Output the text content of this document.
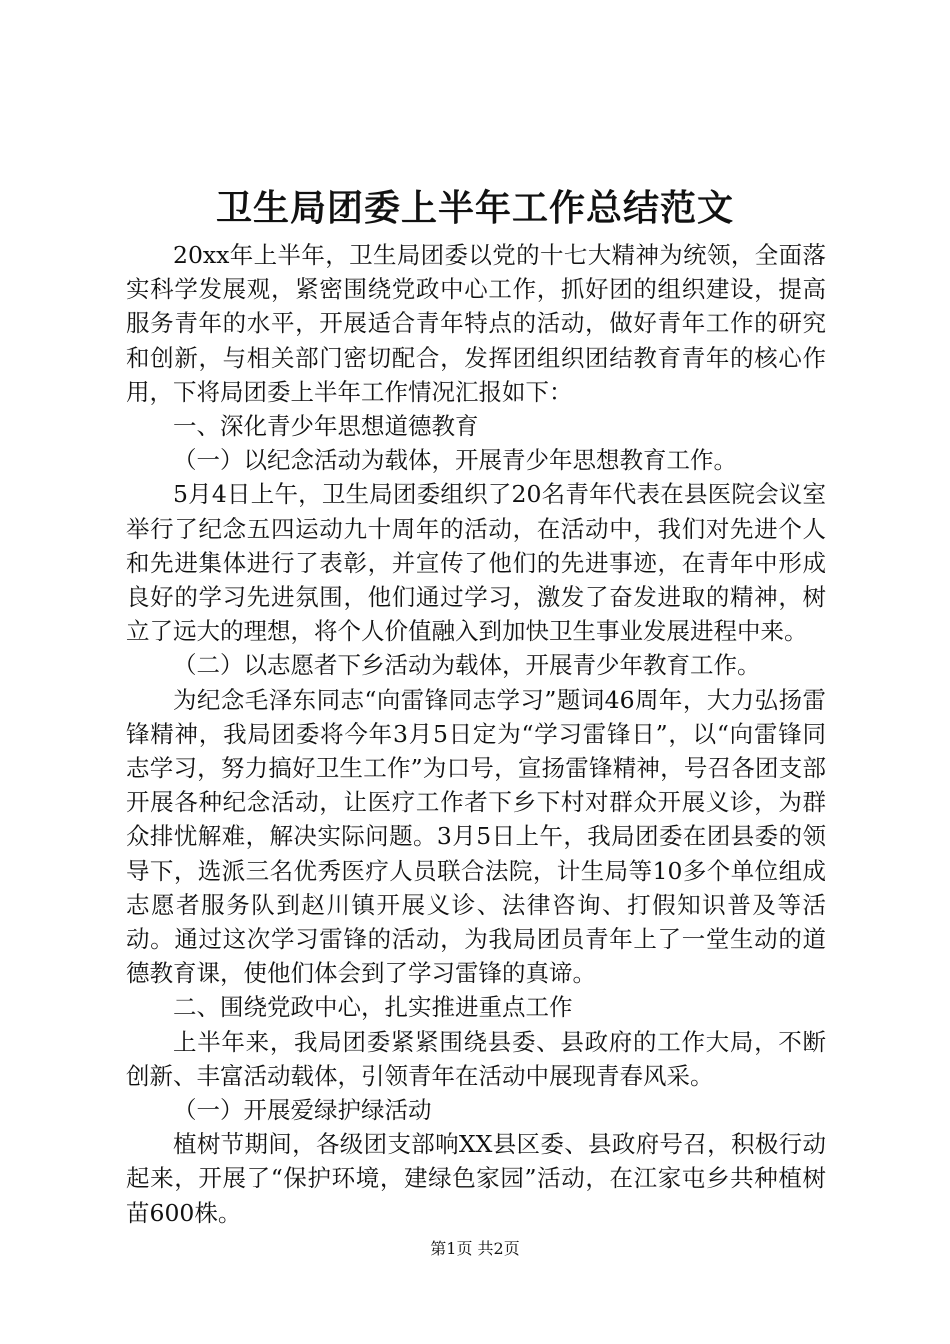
卫生局团委上半年工作总结范文

20xx年上半年，卫生局团委以党的十七大精神为统领，全面落实科学发展观，紧密围绕党政中心工作，抓好团的组织建设，提高服务青年的水平，开展适合青年特点的活动，做好青年工作的研究和创新，与相关部门密切配合，发挥团组织团结教育青年的核心作用，下将局团委上半年工作情况汇报如下：

一、深化青少年思想道德教育

（一）以纪念活动为载体，开展青少年思想教育工作。

5月4日上午，卫生局团委组织了20名青年代表在县医院会议室举行了纪念五四运动九十周年的活动，在活动中，我们对先进个人和先进集体进行了表彰，并宣传了他们的先进事迹，在青年中形成良好的学习先进氛围，他们通过学习，激发了奋发进取的精神，树立了远大的理想，将个人价值融入到加快卫生事业发展进程中来。

（二）以志愿者下乡活动为载体，开展青少年教育工作。

为纪念毛泽东同志“向雷锋同志学习”题词46周年，大力弘扬雷锋精神，我局团委将今年3月5日定为“学习雷锋日”，以“向雷锋同志学习，努力搞好卫生工作”为口号，宣扬雷锋精神，号召各团支部开展各种纪念活动，让医疗工作者下乡下村对群众开展义诊，为群众排忧解难，解决实际问题。3月5日上午，我局团委在团县委的领导下，选派三名优秀医疗人员联合法院，计生局等10多个单位组成志愿者服务队到赵川镇开展义诊、法律咨询、打假知识普及等活动。通过这次学习雷锋的活动，为我局团员青年上了一堂生动的道德教育课，使他们体会到了学习雷锋的真谛。

二、围绕党政中心，扎实推进重点工作

上半年来，我局团委紧紧围绕县委、县政府的工作大局，不断创新、丰富活动载体，引领青年在活动中展现青春风采。

（一）开展爱绿护绿活动

植树节期间，各级团支部响XX县区委、县政府号召，积极行动起来，开展了“保护环境，建绿色家园”活动，在江家屯乡共种植树苗600株。

第1页 共2页
